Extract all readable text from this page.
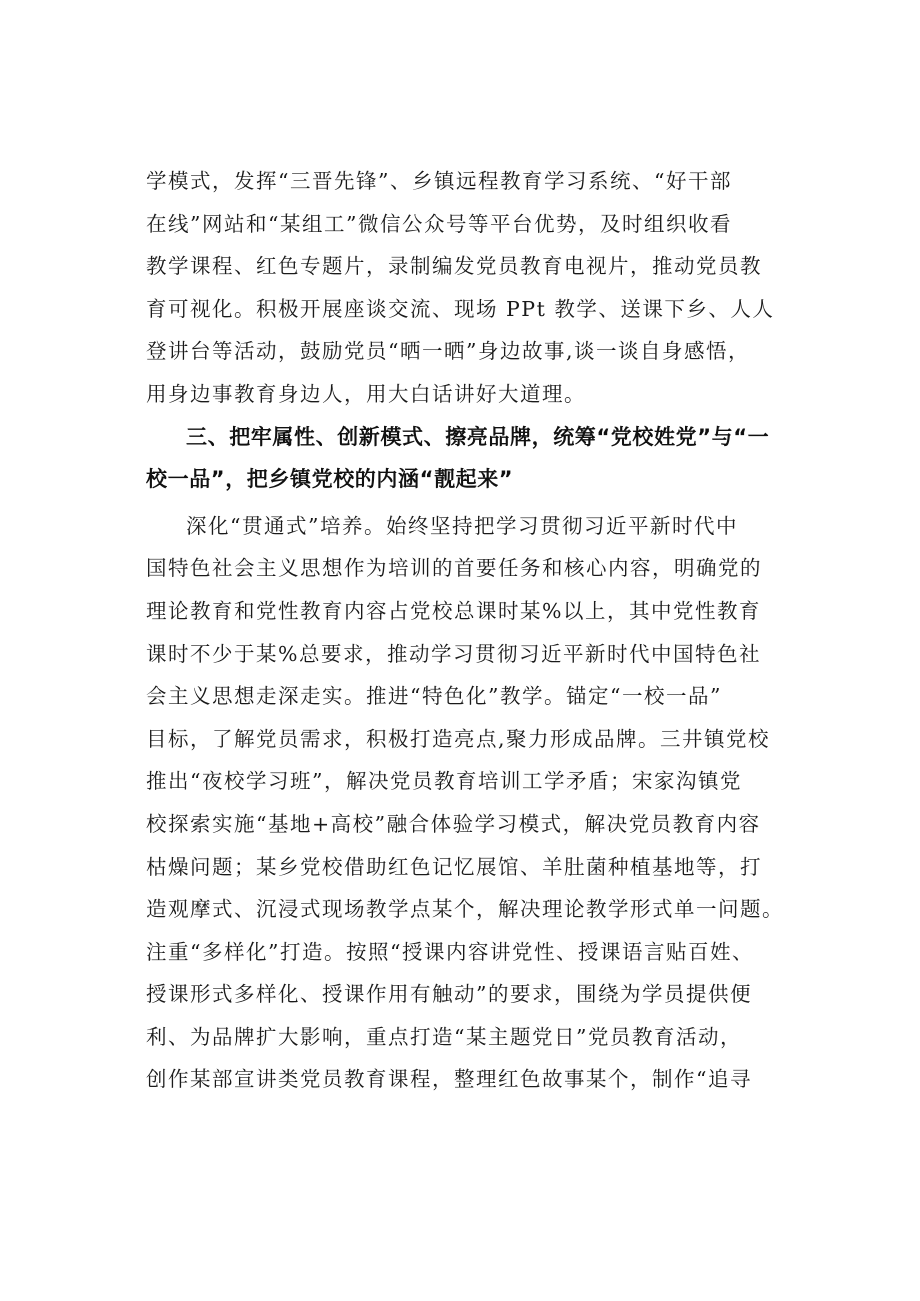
学模式，发挥“三晋先锋”、乡镇远程教育学习系统、“好干部
在线”网站和“某组工”微信公众号等平台优势，及时组织收看
教学课程、红色专题片，录制编发党员教育电视片，推动党员教
育可视化。积极开展座谈交流、现场 PPt 教学、送课下乡、人人
登讲台等活动，鼓励党员“晒一晒”身边故事,谈一谈自身感悟，
用身边事教育身边人，用大白话讲好大道理。
三、把牢属性、创新模式、擦亮品牌，统筹“党校姓党”与“一
校一品”，把乡镇党校的内涵“靓起来”
深化“贯通式”培养。始终坚持把学习贯彻习近平新时代中
国特色社会主义思想作为培训的首要任务和核心内容，明确党的
理论教育和党性教育内容占党校总课时某%以上，其中党性教育
课时不少于某%总要求，推动学习贯彻习近平新时代中国特色社
会主义思想走深走实。推进“特色化”教学。锚定“一校一品”
目标，了解党员需求，积极打造亮点,聚力形成品牌。三井镇党校
推出“夜校学习班”，解决党员教育培训工学矛盾；宋家沟镇党
校探索实施“基地+高校”融合体验学习模式，解决党员教育内容
枯燥问题；某乡党校借助红色记忆展馆、羊肚菌种植基地等，打
造观摩式、沉浸式现场教学点某个，解决理论教学形式单一问题。
注重“多样化”打造。按照“授课内容讲党性、授课语言贴百姓、
授课形式多样化、授课作用有触动”的要求，围绕为学员提供便
利、为品牌扩大影响，重点打造“某主题党日”党员教育活动，
创作某部宣讲类党员教育课程，整理红色故事某个，制作“追寻
